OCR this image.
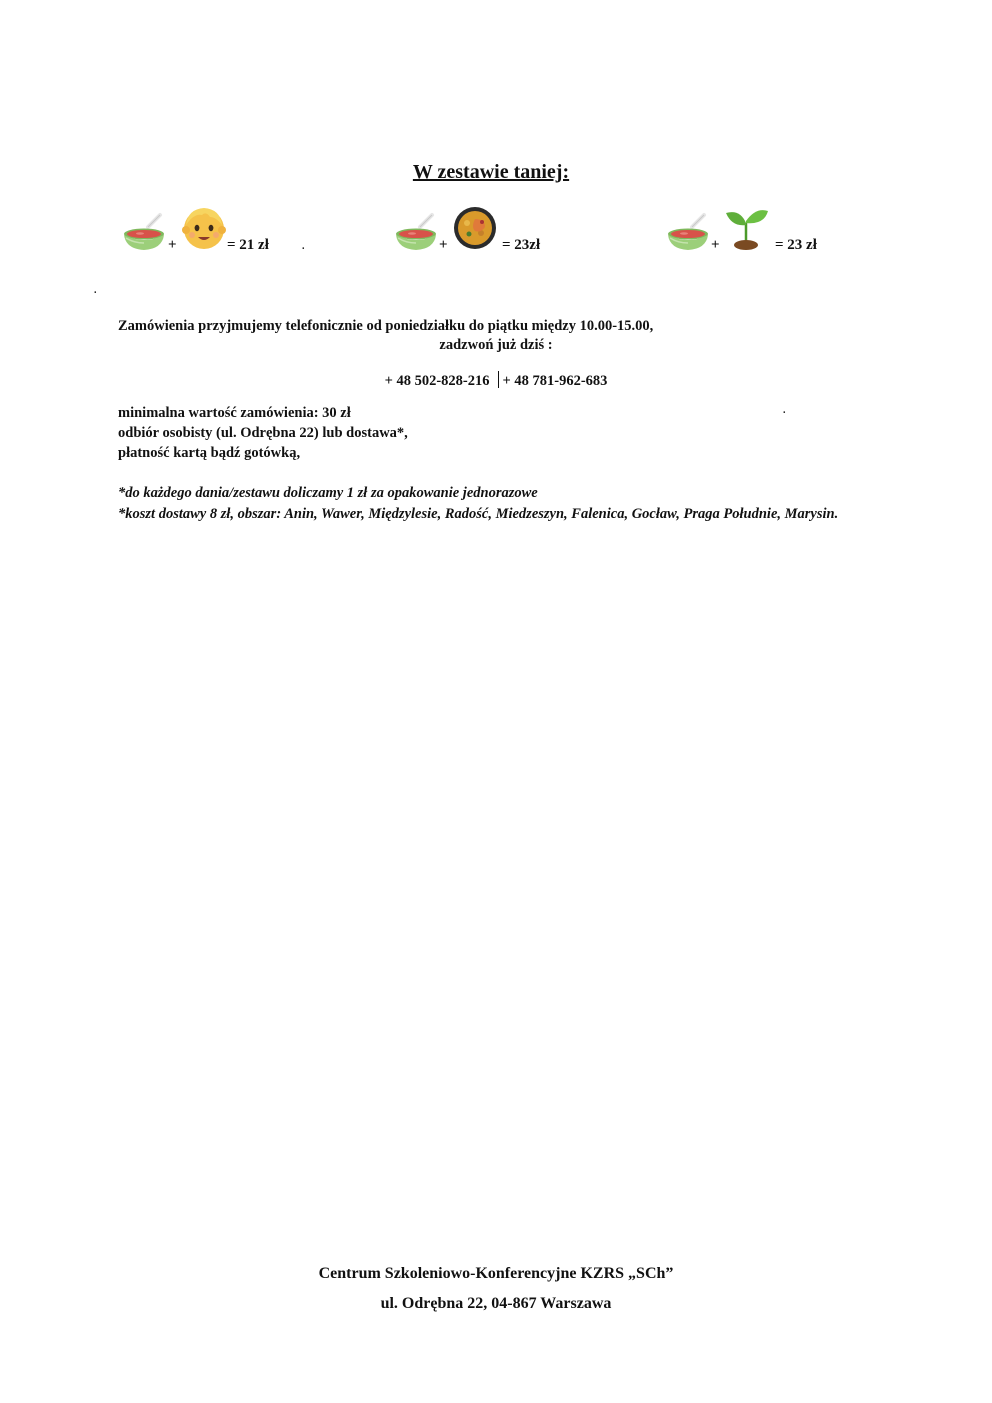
W zestawie taniej:
+	= 21 zł	.	+	= 23zł	+	= 23 zł
.
Zamówienia przyjmujemy telefonicznie od poniedziałku do piątku między 10.00-15.00,
zadzwoń już dziś :
+ 48 502-828-216 + 48 781-962-683
minimalna wartość zamówienia: 30 zł	.
odbiór osobisty (ul. Odrębna 22) lub dostawa*,
płatność kartą bądź gotówką,
*do każdego dania/zestawu doliczamy 1 zł za opakowanie jednorazowe
*koszt dostawy 8 zł, obszar: Anin, Wawer, Międzylesie, Radość, Miedzeszyn, Falenica, Gocław, Praga Południe, Marysin.
Centrum Szkoleniowo-Konferencyjne KZRS „SCh”
ul. Odrębna 22, 04-867 Warszawa
